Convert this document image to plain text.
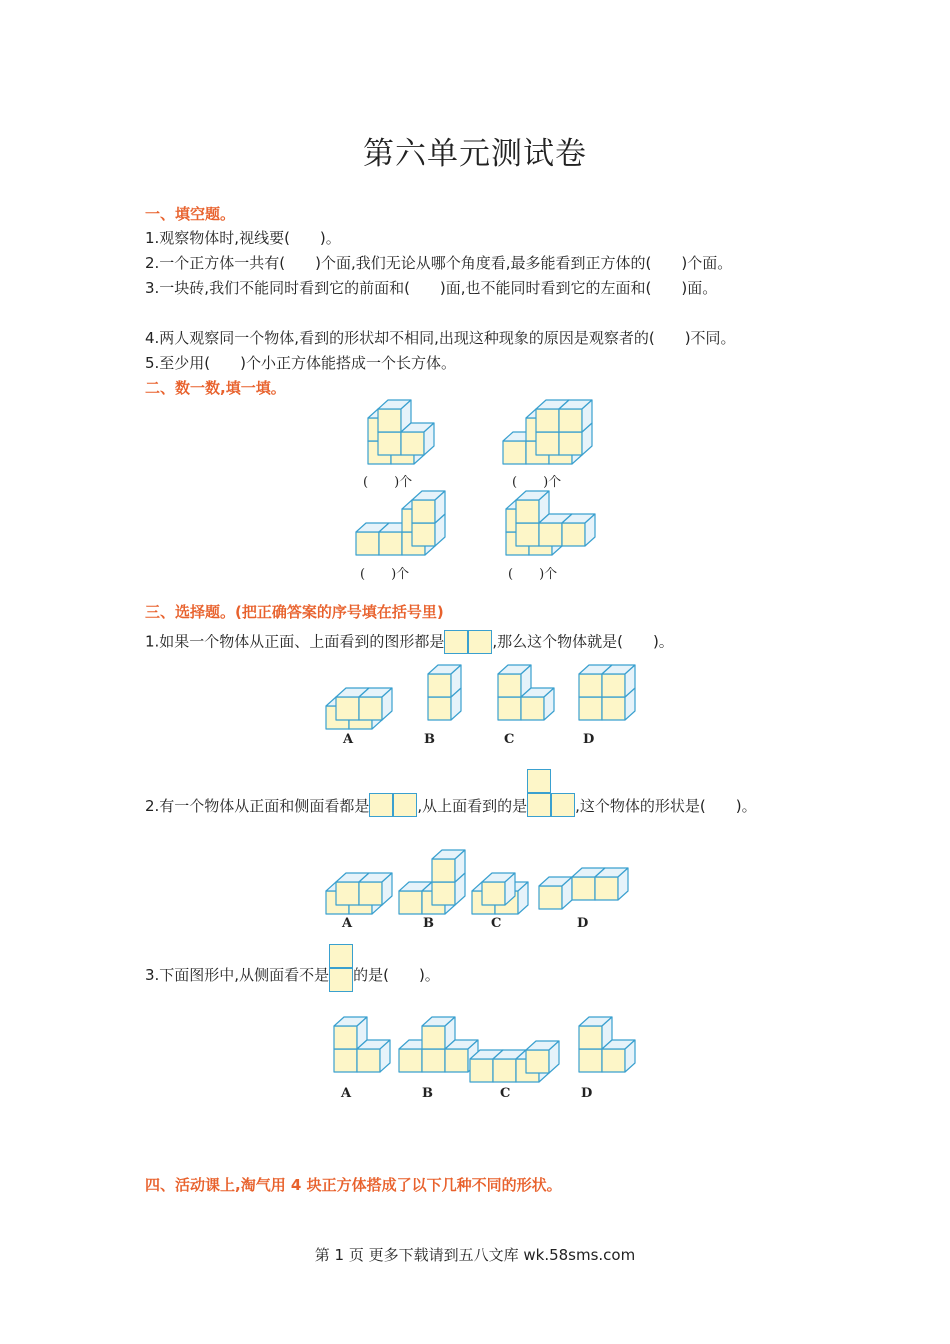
第六单元测试卷
一、填空题。
1.观察物体时,视线要(　　)。
2.一个正方体一共有(　　)个面,我们无论从哪个角度看,最多能看到正方体的(　　)个面。
3.一块砖,我们不能同时看到它的前面和(　　)面,也不能同时看到它的左面和(　　)面。
4.两人观察同一个物体,看到的形状却不相同,出现这种现象的原因是观察者的(　　)不同。
5.至少用(　　)个小正方体能搭成一个长方体。
二、数一数,填一填。
(　　)个	(　　)个
(　　)个	(　　)个
三、选择题。(把正确答案的序号填在括号里)
1.如果一个物体从正面、上面看到的图形都是	,那么这个物体就是(　　)。
A	B	C	D
2.有一个物体从正面和侧面看都是	,从上面看到的是	,这个物体的形状是(　　)。
A	B	C	D
3.下面图形中,从侧面看不是 的是(　　)。
A	B	C	D
四、活动课上,淘气用 4 块正方体搭成了以下几种不同的形状。
第 1 页 更多下载请到五八文库 wk.58sms.com
